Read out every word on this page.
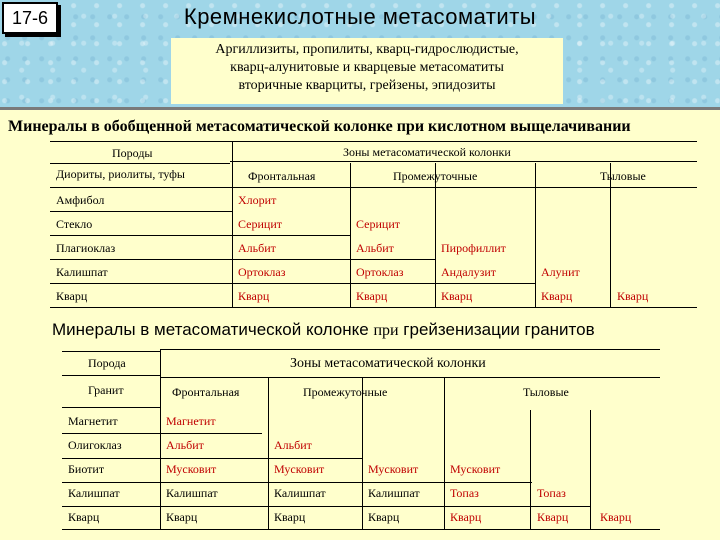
17-6	Кремнекислотные метасоматиты
Аргиллизиты, пропилиты, кварц-гидрослюдистые,
кварц-алунитовые и кварцевые метасоматиты
вторичные кварциты, грейзены, эпидозиты
Минералы в обобщенной метасоматической колонке при кислотном выщелачивании
Породы
Диориты, риолиты, туфы
Зоны метасоматической колонки
Фронтальная	Промежуточные	Тыловые
Амфибол	Хлорит
Стекло	Серицит	Серицит
Плагиоклаз	Альбит	Альбит	Пирофиллит
Калишпат	Ортоклаз	Ортоклаз	Андалузит	Алунит
Кварц	Кварц	Кварц	Кварц	Кварц	Кварц
Минералы в метасоматической колонке при грейзенизации гранитов
Порода
Гранит
Зоны метасоматической колонки
Фронтальная	Промежуточные	Тыловые
Магнетит	Магнетит
Олигоклаз	Альбит	Альбит
Биотит	Мусковит	Мусковит	Мусковит	Мусковит
Калишпат	Калишпат	Калишпат	Калишпат	Топаз	Топаз
Кварц	Кварц	Кварц	Кварц	Кварц	Кварц	Кварц
